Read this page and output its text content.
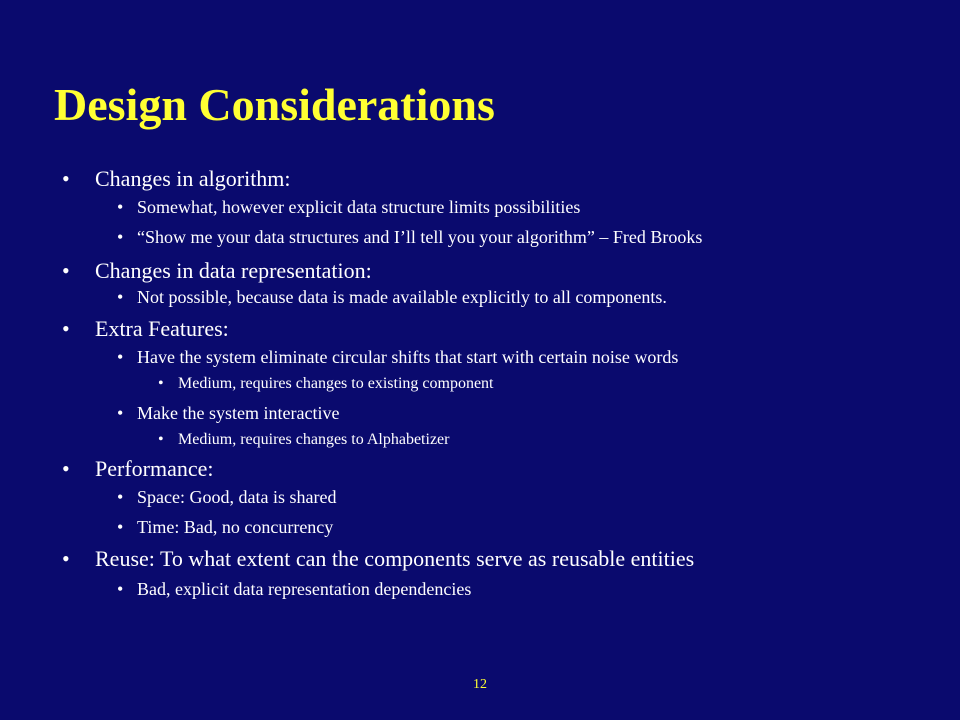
Design Considerations
• Changes in algorithm:
• Somewhat, however explicit data structure limits possibilities
• “Show me your data structures and I’ll tell you your algorithm” – Fred Brooks
• Changes in data representation:
• Not possible, because data is made available explicitly to all components.
• Extra Features:
• Have the system eliminate circular shifts that start with certain noise words
• Medium, requires changes to existing component
• Make the system interactive
• Medium, requires changes to Alphabetizer
• Performance:
• Space: Good, data is shared
• Time: Bad, no concurrency
• Reuse: To what extent can the components serve as reusable entities
• Bad, explicit data representation dependencies
12
